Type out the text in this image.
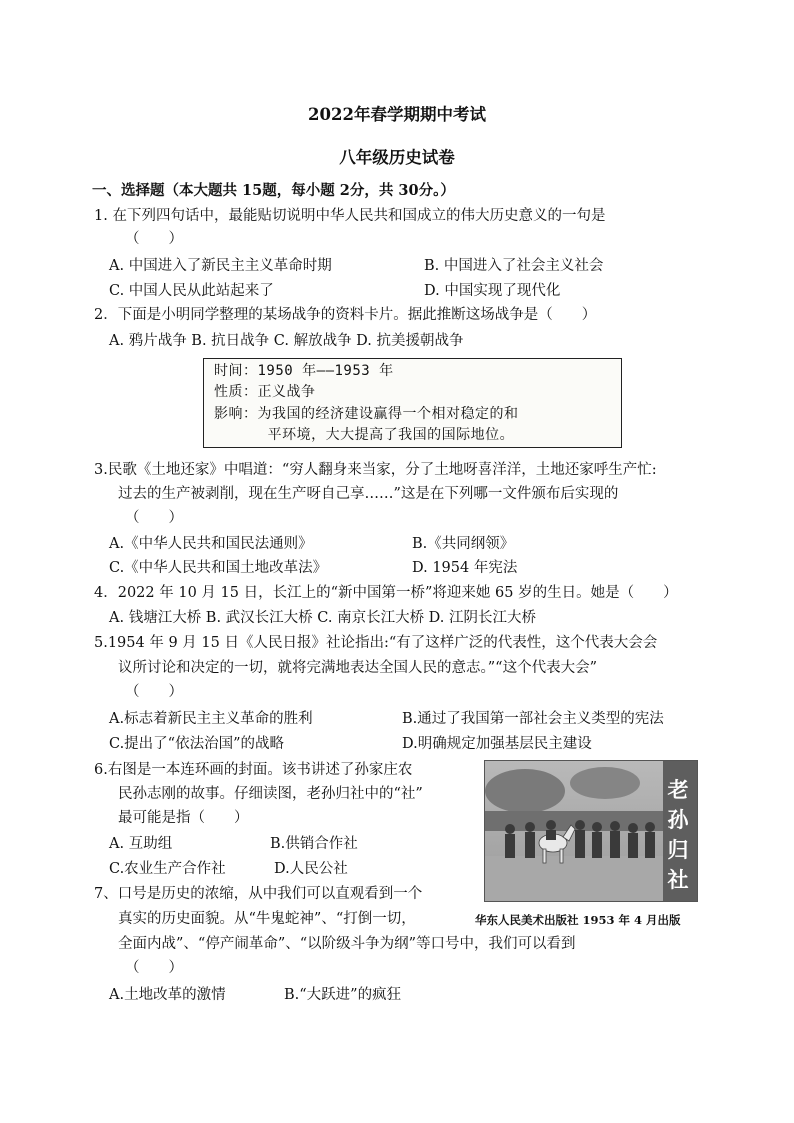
2022年春学期期中考试
八年级历史试卷
一、选择题（本大题共 15题，每小题 2分，共 30分。）
1. 在下列四句话中，最能贴切说明中华人民共和国成立的伟大历史意义的一句是
（　　）
A. 中国进入了新民主主义革命时期	B. 中国进入了社会主义社会
C. 中国人民从此站起来了	D. 中国实现了现代化
2．下面是小明同学整理的某场战争的资料卡片。据此推断这场战争是（　　）
A. 鸦片战争 B. 抗日战争 C. 解放战争 D. 抗美援朝战争
时间：1950 年——1953 年
性质：正义战争
影响：为我国的经济建设赢得一个相对稳定的和
平环境，大大提高了我国的国际地位。
3.民歌《土地还家》中唱道：“穷人翻身来当家，分了土地呀喜洋洋，土地还家呼生产忙:
过去的生产被剥削，现在生产呀自己享……”这是在下列哪一文件颁布后实现的
（　　）
A.《中华人民共和国民法通则》	B.《共同纲领》
C.《中华人民共和国土地改革法》	D. 1954 年宪法
4．2022 年 10 月 15 日，长江上的“新中国第一桥”将迎来她 65 岁的生日。她是（　　）
A. 钱塘江大桥 B. 武汉长江大桥 C. 南京长江大桥 D. 江阴长江大桥
5.1954 年 9 月 15 日《人民日报》社论指出:“有了这样广泛的代表性，这个代表大会会
议所讨论和决定的一切，就将完满地表达全国人民的意志。”“这个代表大会”
（　　）
A.标志着新民主主义革命的胜利	B.通过了我国第一部社会主义类型的宪法
C.提出了“依法治国”的战略	D.明确规定加强基层民主建设
6.右图是一本连环画的封面。该书讲述了孙家庄农
民孙志刚的故事。仔细读图，老孙归社中的“社”
最可能是指（　　）
A. 互助组	B.供销合作社
C.农业生产合作社	D.人民公社
老
孙
归
社
华东人民美术出版社 1953 年 4 月出版
7、口号是历史的浓缩，从中我们可以直观看到一个
真实的历史面貌。从“牛鬼蛇神”、“打倒一切，
全面内战”、“停产闹革命”、“以阶级斗争为纲”等口号中，我们可以看到
（　　）
A.土地改革的激情	B.“大跃进”的疯狂
